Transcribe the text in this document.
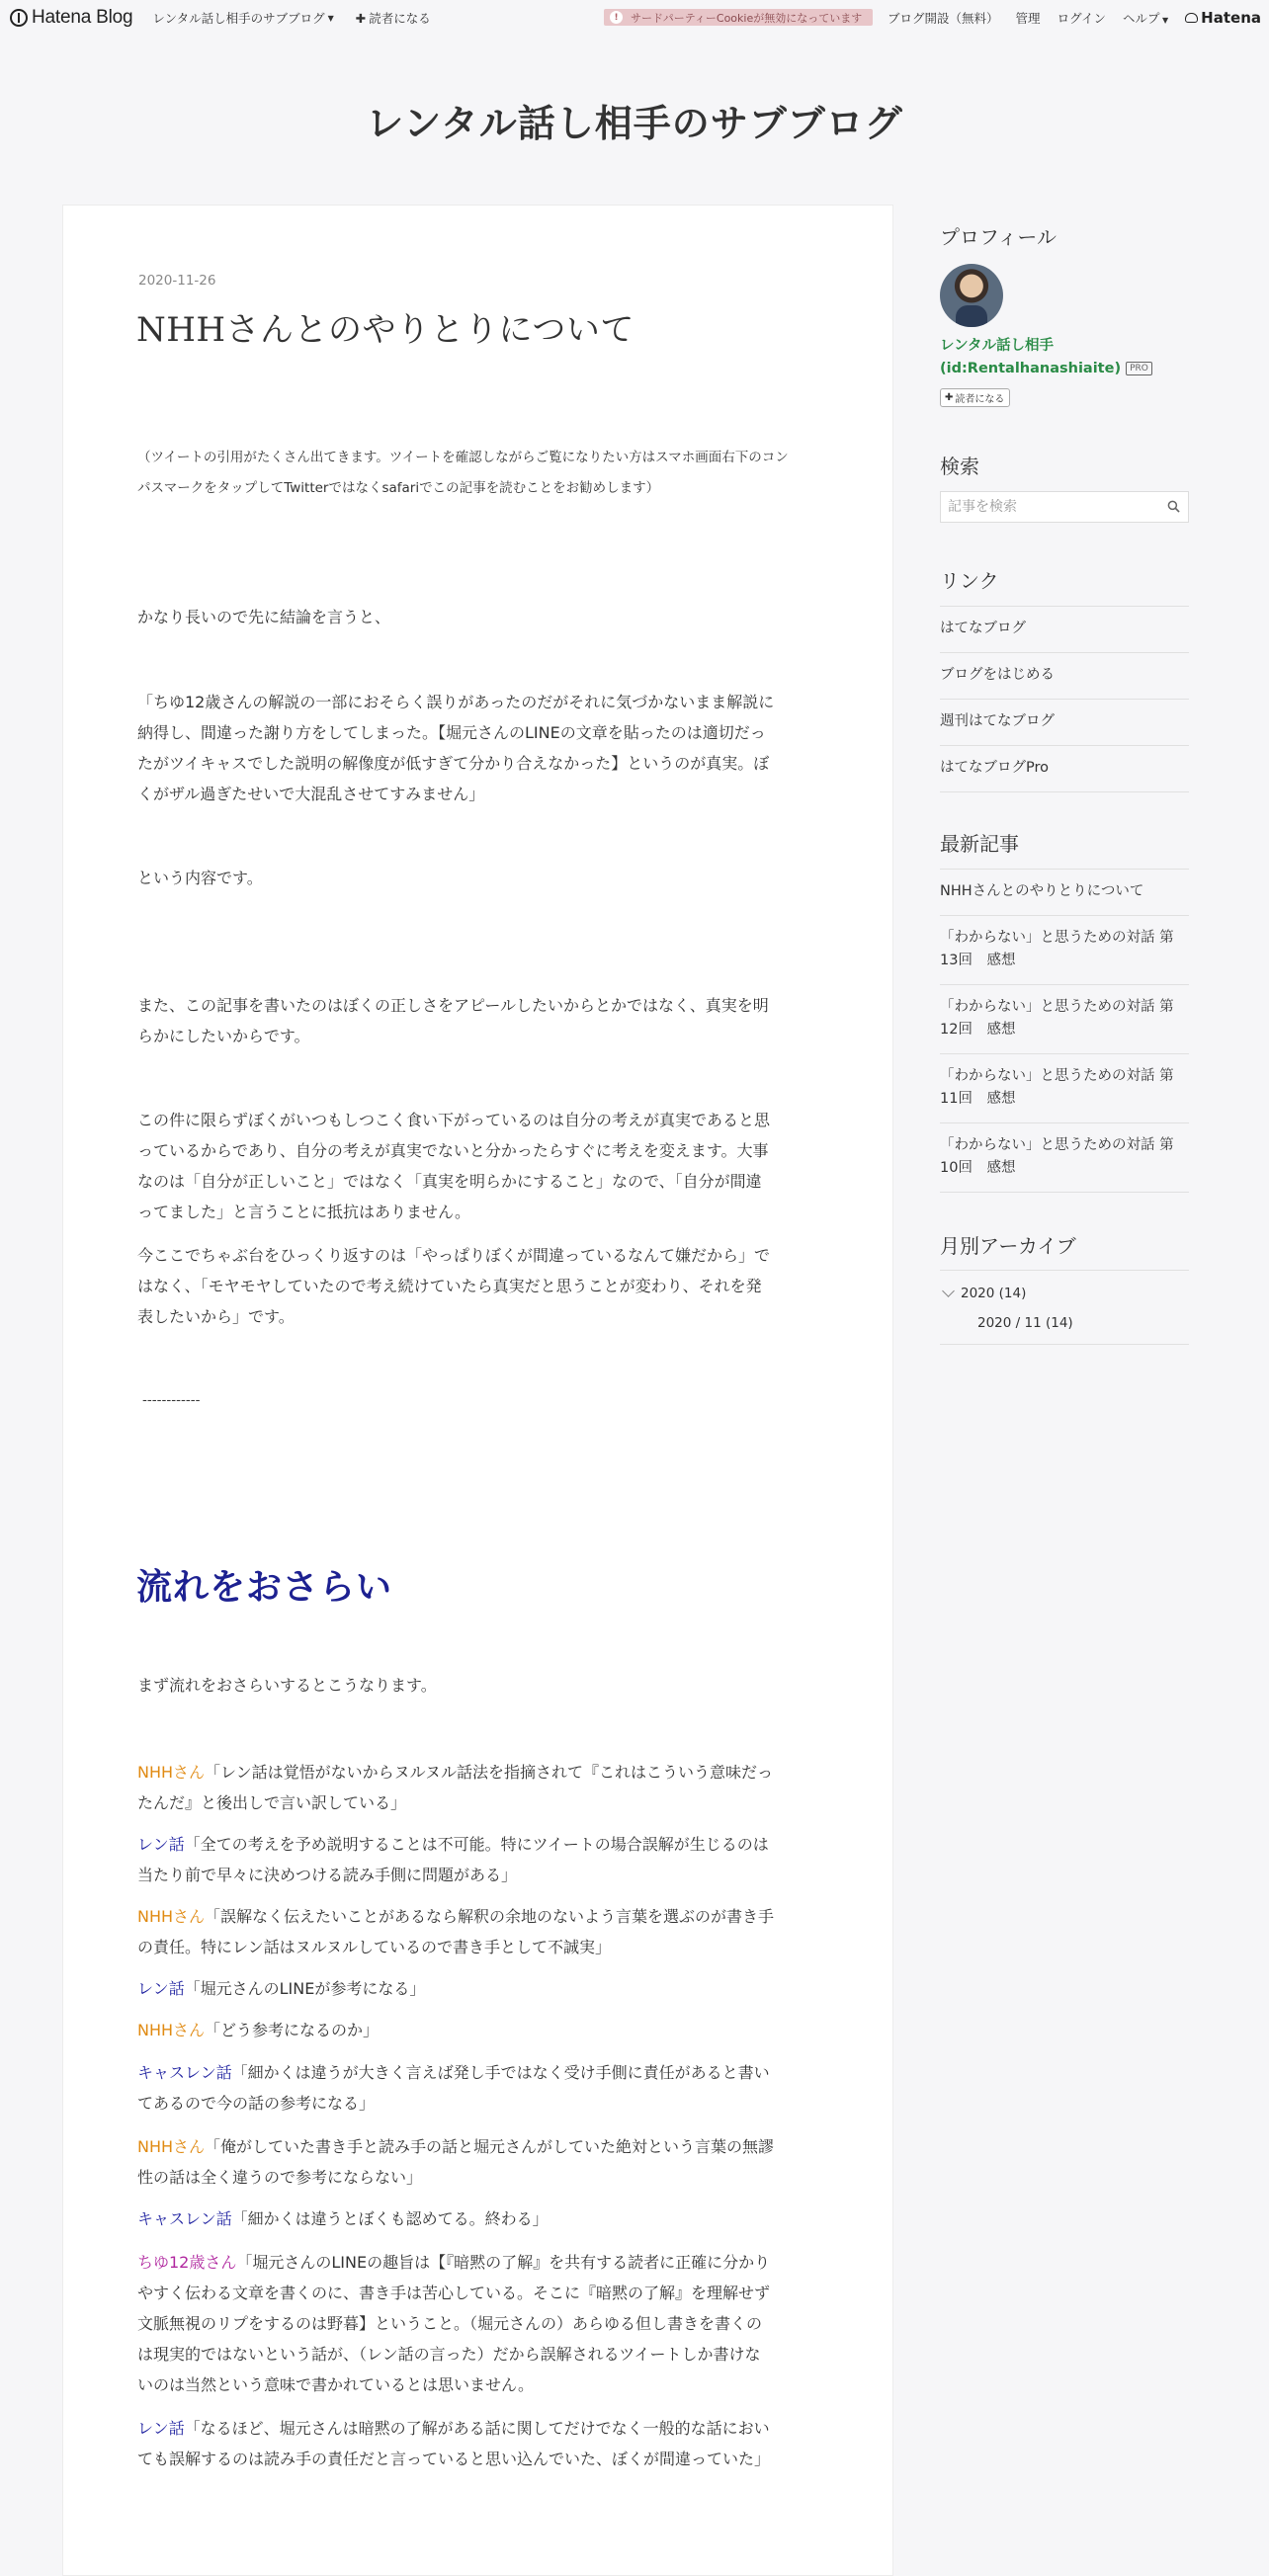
Hatena Blog レンタル話し相手のサブブログ ▼ ✚ 読者になる	!	サードパーティーCookieが無効になっています ブログ開設（無料） 管理 ログイン ヘルプ ▼ Hatena
レンタル話し相手のサブブログ
2020-11-26
NHHさんとのやりとりについて
（ツイートの引用がたくさん出てきます。ツイートを確認しながらご覧になりたい方はスマホ画面右下のコン
パスマークをタップしてTwitterではなくsafariでこの記事を読むことをお勧めします）
かなり長いので先に結論を言うと、
「ちゆ12歳さんの解説の一部におそらく誤りがあったのだがそれに気づかないまま解説に
納得し、間違った謝り方をしてしまった。【堀元さんのLINEの文章を貼ったのは適切だっ
たがツイキャスでした説明の解像度が低すぎて分かり合えなかった】というのが真実。ぼ
くがザル過ぎたせいで大混乱させてすみません」
という内容です。
また、この記事を書いたのはぼくの正しさをアピールしたいからとかではなく、真実を明
らかにしたいからです。
この件に限らずぼくがいつもしつこく食い下がっているのは自分の考えが真実であると思
っているからであり、自分の考えが真実でないと分かったらすぐに考えを変えます。大事
なのは「自分が正しいこと」ではなく「真実を明らかにすること」なので、「自分が間違
ってました」と言うことに抵抗はありません。
今ここでちゃぶ台をひっくり返すのは「やっぱりぼくが間違っているなんて嫌だから」で
はなく、「モヤモヤしていたので考え続けていたら真実だと思うことが変わり、それを発
表したいから」です。
------------
流れをおさらい
まず流れをおさらいするとこうなります。
NHHさん「レン話は覚悟がないからヌルヌル話法を指摘されて『これはこういう意味だっ
たんだ』と後出しで言い訳している」
レン話「全ての考えを予め説明することは不可能。特にツイートの場合誤解が生じるのは
当たり前で早々に決めつける読み手側に問題がある」
NHHさん「誤解なく伝えたいことがあるなら解釈の余地のないよう言葉を選ぶのが書き手
の責任。特にレン話はヌルヌルしているので書き手として不誠実」
レン話「堀元さんのLINEが参考になる」
NHHさん「どう参考になるのか」
キャスレン話「細かくは違うが大きく言えば発し手ではなく受け手側に責任があると書い
てあるので今の話の参考になる」
NHHさん「俺がしていた書き手と読み手の話と堀元さんがしていた絶対という言葉の無謬
性の話は全く違うので参考にならない」
キャスレン話「細かくは違うとぼくも認めてる。終わる」
ちゆ12歳さん「堀元さんのLINEの趣旨は【『暗黙の了解』を共有する読者に正確に分かり
やすく伝わる文章を書くのに、書き手は苦心している。そこに『暗黙の了解』を理解せず
文脈無視のリプをするのは野暮】ということ。（堀元さんの）あらゆる但し書きを書くの
は現実的ではないという話が、（レン話の言った）だから誤解されるツイートしか書けな
いのは当然という意味で書かれているとは思いません。
レン話「なるほど、堀元さんは暗黙の了解がある話に関してだけでなく一般的な話におい
ても誤解するのは読み手の責任だと言っていると思い込んでいた、ぼくが間違っていた」
プロフィール
レンタル話し相手
(id:Rentalhanashiaite) PRO
✚ 読者になる
検索
記事を検索
リンク
はてなブログ
ブログをはじめる
週刊はてなブログ
はてなブログPro
最新記事
NHHさんとのやりとりについて
「わからない」と思うための対話 第13回　感想
「わからない」と思うための対話 第12回　感想
「わからない」と思うための対話 第11回　感想
「わからない」と思うための対話 第10回　感想
月別アーカイブ
2020 (14)
2020 / 11 (14)
